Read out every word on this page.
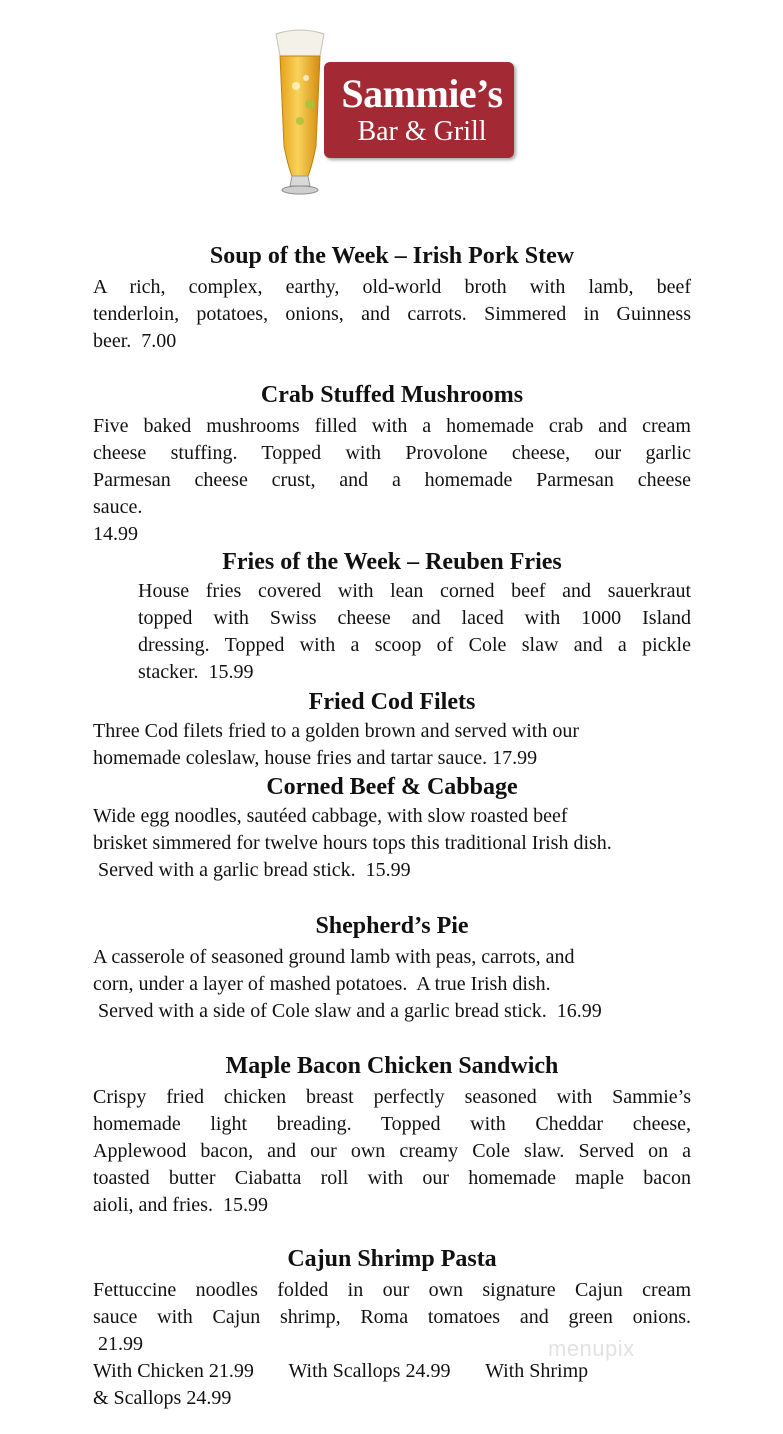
Sammie’s
Bar & Grill
Soup of the Week – Irish Pork Stew
A rich, complex, earthy, old-world broth with lamb, beef
tenderloin, potatoes, onions, and carrots. Simmered in Guinness
beer.  7.00
Crab Stuffed Mushrooms
Five baked mushrooms filled with a homemade crab and cream
cheese stuffing. Topped with Provolone cheese, our garlic
Parmesan cheese crust, and a homemade Parmesan cheese
sauce.
14.99
Fries of the Week – Reuben Fries
House fries covered with lean corned beef and sauerkraut
topped with Swiss cheese and laced with 1000 Island
dressing. Topped with a scoop of Cole slaw and a pickle
stacker.  15.99
Fried Cod Filets
Three Cod filets fried to a golden brown and served with our
homemade coleslaw, house fries and tartar sauce. 17.99
Corned Beef & Cabbage
Wide egg noodles, sautéed cabbage, with slow roasted beef
brisket simmered for twelve hours tops this traditional Irish dish.
Served with a garlic bread stick.  15.99
Shepherd’s Pie
A casserole of seasoned ground lamb with peas, carrots, and
corn, under a layer of mashed potatoes.  A true Irish dish.
Served with a side of Cole slaw and a garlic bread stick.  16.99
Maple Bacon Chicken Sandwich
Crispy fried chicken breast perfectly seasoned with Sammie’s
homemade light breading. Topped with Cheddar cheese,
Applewood bacon, and our own creamy Cole slaw. Served on a
toasted butter Ciabatta roll with our homemade maple bacon
aioli, and fries.  15.99
Cajun Shrimp Pasta
Fettuccine noodles folded in our own signature Cajun cream
sauce with Cajun shrimp, Roma tomatoes and green onions.
21.99
With Chicken 21.99       With Scallops 24.99       With Shrimp
& Scallops 24.99
menupix
